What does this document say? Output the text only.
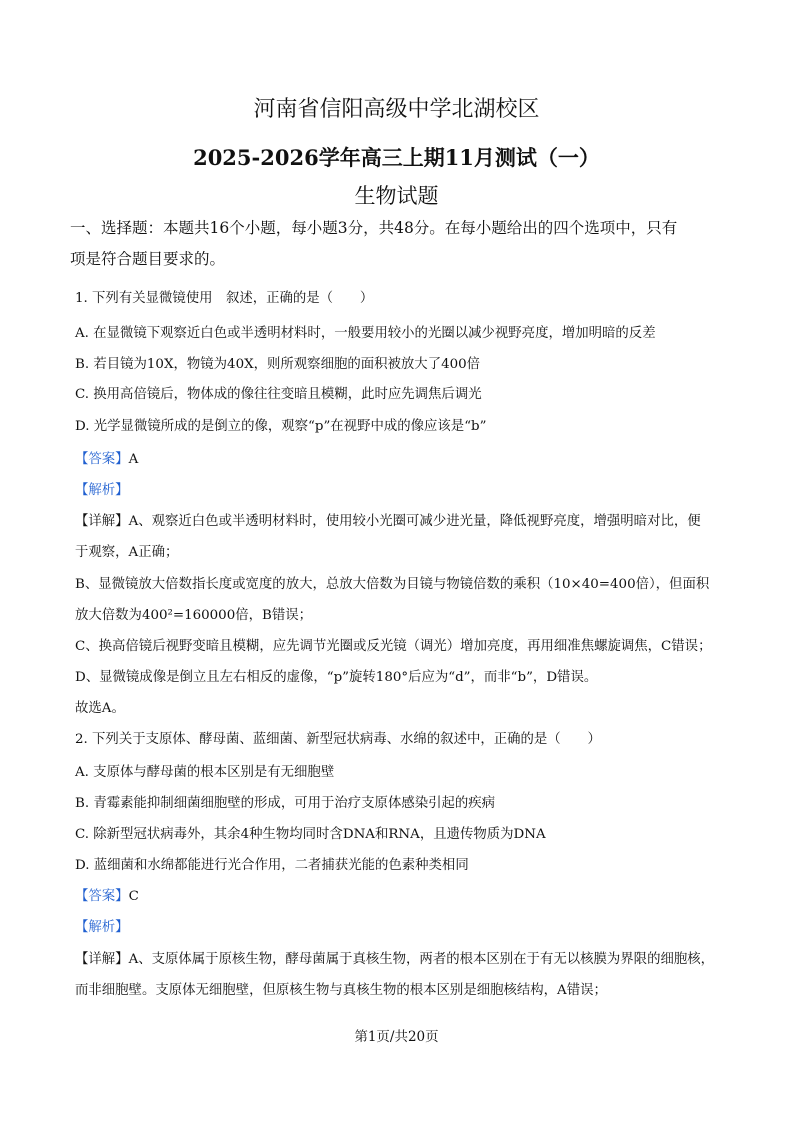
河南省信阳高级中学北湖校区
2025-2026学年高三上期11月测试（一）
生物试题
一、选择题：本题共16个小题，每小题3分，共48分。在每小题给出的四个选项中，只有
项是符合题目要求的。
1. 下列有关显微镜使用　叙述，正确的是（　　）
A. 在显微镜下观察近白色或半透明材料时，一般要用较小的光圈以减少视野亮度，增加明暗的反差
B. 若目镜为10X，物镜为40X，则所观察细胞的面积被放大了400倍
C. 换用高倍镜后，物体成的像往往变暗且模糊，此时应先调焦后调光
D. 光学显微镜所成的是倒立的像，观察“p”在视野中成的像应该是“b”
【答案】A
【解析】
【详解】A、观察近白色或半透明材料时，使用较小光圈可减少进光量，降低视野亮度，增强明暗对比，便
于观察，A正确；
B、显微镜放大倍数指长度或宽度的放大，总放大倍数为目镜与物镜倍数的乘积（10×40=400倍），但面积
放大倍数为400²=160000倍，B错误；
C、换高倍镜后视野变暗且模糊，应先调节光圈或反光镜（调光）增加亮度，再用细准焦螺旋调焦，C错误；
D、显微镜成像是倒立且左右相反的虚像，“p”旋转180°后应为“d”，而非“b”，D错误。
故选A。
2. 下列关于支原体、酵母菌、蓝细菌、新型冠状病毒、水绵的叙述中，正确的是（　　）
A. 支原体与酵母菌的根本区别是有无细胞壁
B. 青霉素能抑制细菌细胞壁的形成，可用于治疗支原体感染引起的疾病
C. 除新型冠状病毒外，其余4种生物均同时含DNA和RNA，且遗传物质为DNA
D. 蓝细菌和水绵都能进行光合作用，二者捕获光能的色素种类相同
【答案】C
【解析】
【详解】A、支原体属于原核生物，酵母菌属于真核生物，两者的根本区别在于有无以核膜为界限的细胞核，
而非细胞壁。支原体无细胞壁，但原核生物与真核生物的根本区别是细胞核结构，A错误；
第1页/共20页
